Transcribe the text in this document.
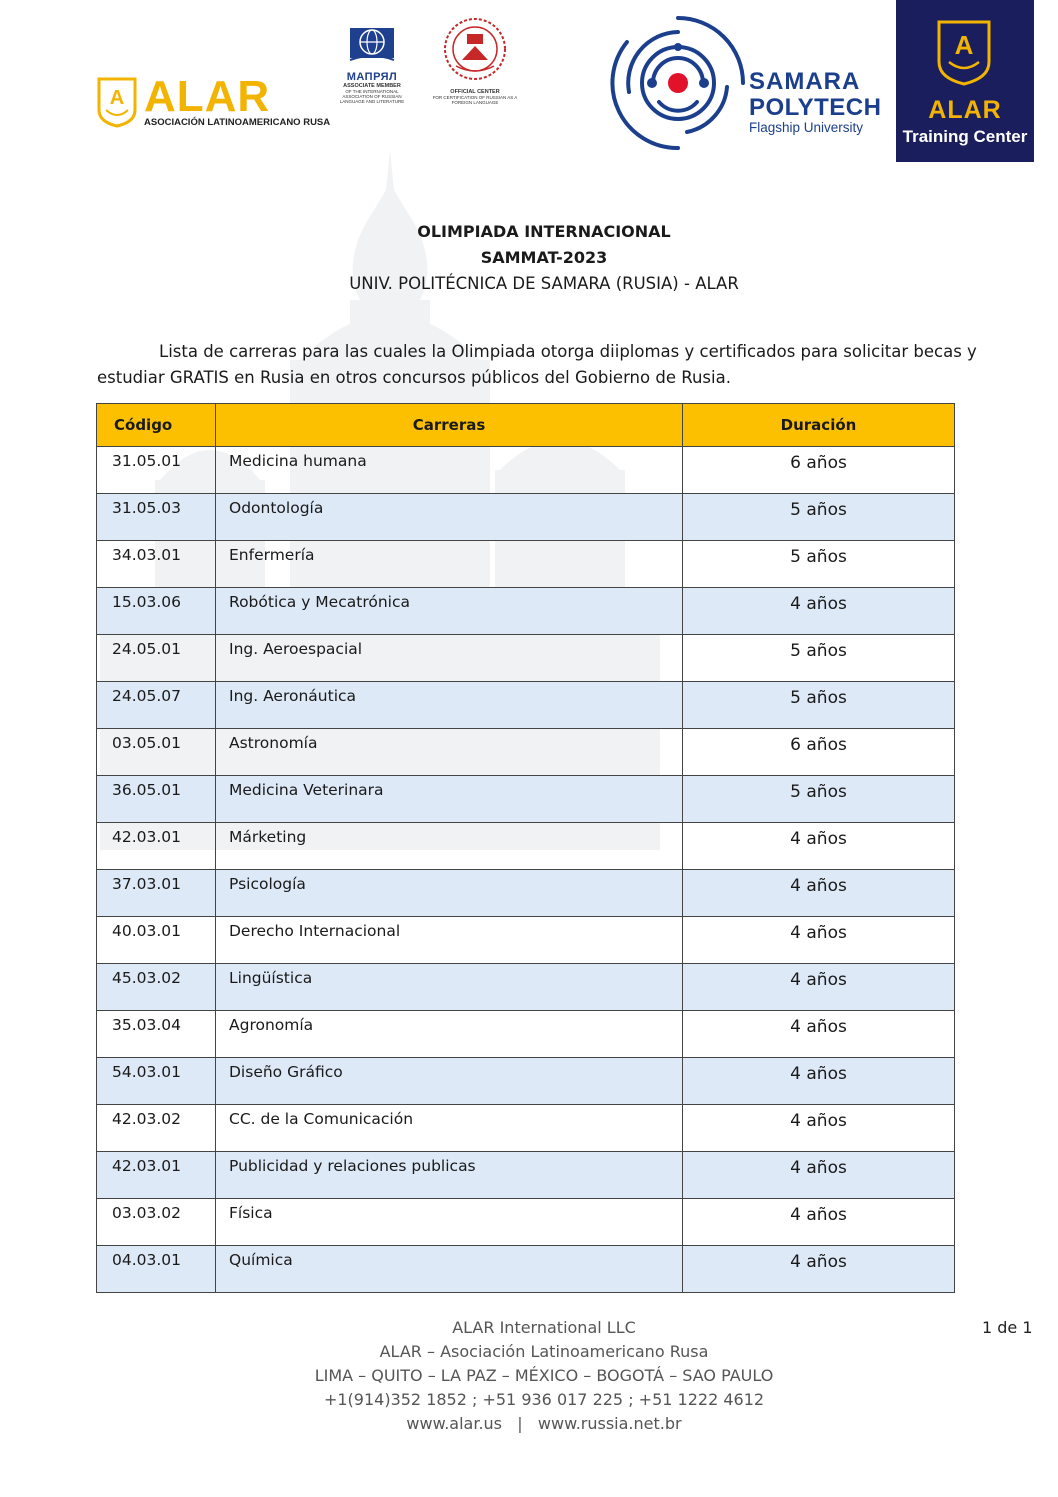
A ALAR
ASOCIACIÓN LATINOAMERICANO RUSA
МАПРЯЛ
ASSOCIATE MEMBER
OF THE INTERNATIONAL ASSOCIATION OF RUSSIAN LANGUAGE AND LITERATURE
OFFICIAL CENTER
FOR CERTIFICATION OF RUSSIAN AS A FOREIGN LANGUAGE
SAMARA
POLYTECH
Flagship University
A
ALAR
Training Center
OLIMPIADA INTERNACIONAL
SAMMAT-2023
UNIV. POLITÉCNICA DE SAMARA (RUSIA) - ALAR

Lista de carreras para las cuales la Olimpiada otorga diiplomas y certificados para solicitar becas y estudiar GRATIS en Rusia en otros concursos públicos del Gobierno de Rusia.

Código	Carreras	Duración
31.05.01	Medicina humana	6 años
31.05.03	Odontología	5 años
34.03.01	Enfermería	5 años
15.03.06	Robótica y Mecatrónica	4 años
24.05.01	Ing. Aeroespacial	5 años
24.05.07	Ing. Aeronáutica	5 años
03.05.01	Astronomía	6 años
36.05.01	Medicina Veterinara	5 años
42.03.01	Márketing	4 años
37.03.01	Psicología	4 años
40.03.01	Derecho Internacional	4 años
45.03.02	Lingüística	4 años
35.03.04	Agronomía	4 años
54.03.01	Diseño Gráfico	4 años
42.03.02	CC. de la Comunicación	4 años
42.03.01	Publicidad y relaciones publicas	4 años
03.03.02	Física	4 años
04.03.01	Química	4 años
ALAR International LLC
ALAR – Asociación Latinoamericano Rusa
LIMA – QUITO – LA PAZ – MÉXICO – BOGOTÁ – SAO PAULO
+1(914)352 1852 ; +51 936 017 225 ; +51 1222 4612
www.alar.us   |   www.russia.net.br
1 de 1
